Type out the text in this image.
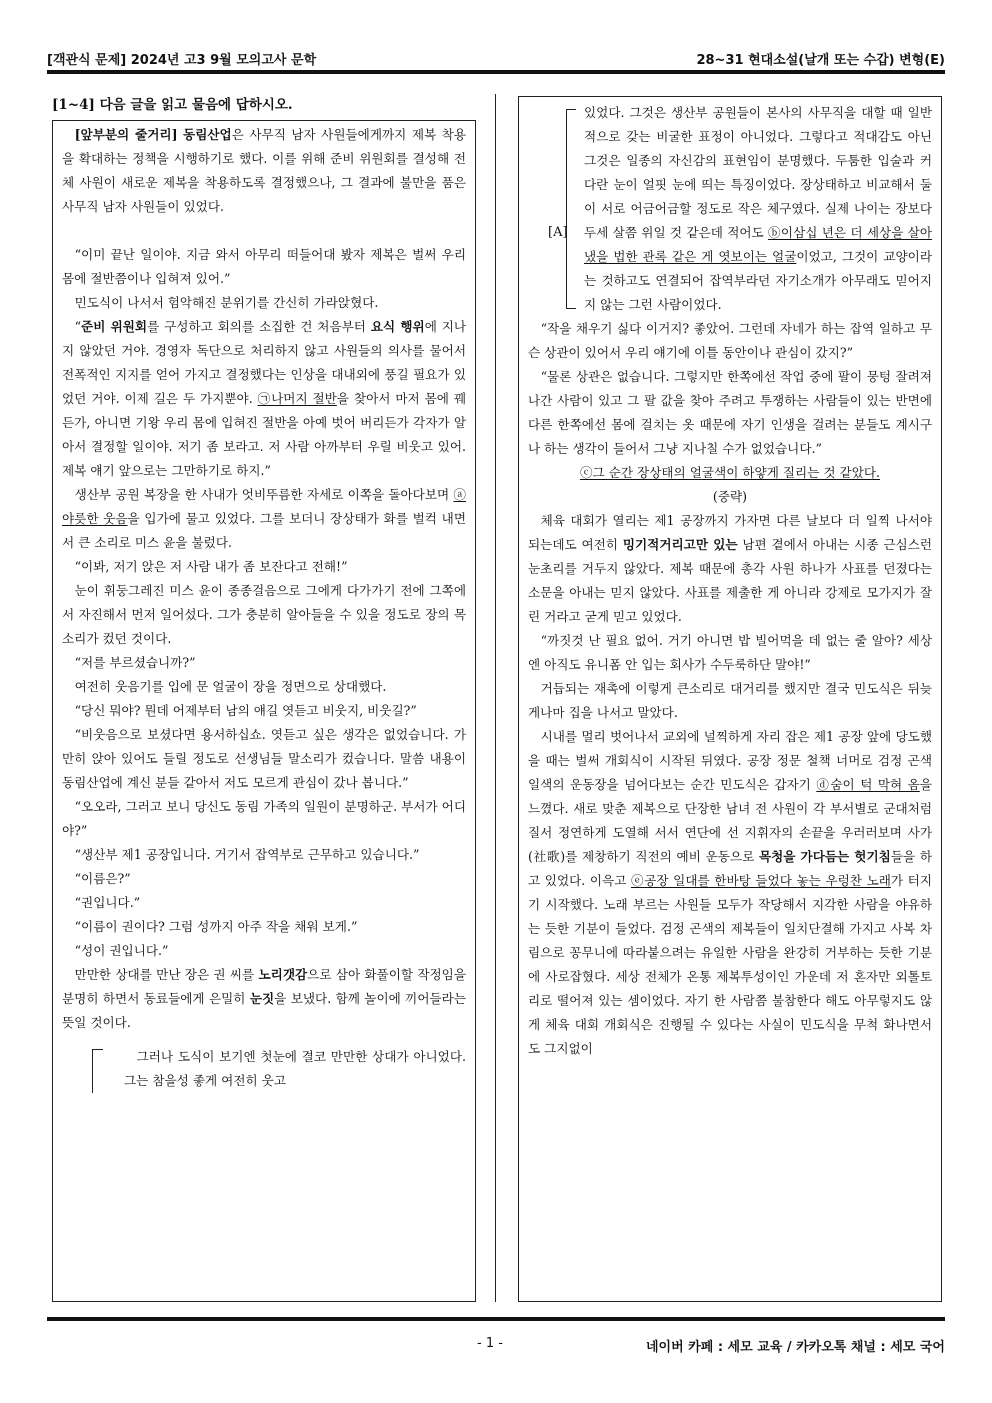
[객관식 문제] 2024년 고3 9월 모의고사 문학	28~31 현대소설(날개 또는 수갑) 변형(E)
[1~4] 다음 글을 읽고 물음에 답하시오.

[앞부분의 줄거리] 동림산업은 사무직 남자 사원들에게까지 제복 착용을 확대하는 정책을 시행하기로 했다. 이를 위해 준비 위원회를 결성해 전체 사원이 새로운 제복을 착용하도록 결정했으나, 그 결과에 불만을 품은 사무직 남자 사원들이 있었다.

“이미 끝난 일이야. 지금 와서 아무리 떠들어대 봤자 제복은 벌써 우리 몸에 절반쯤이나 입혀져 있어.”

민도식이 나서서 험악해진 분위기를 간신히 가라앉혔다.

“준비 위원회를 구성하고 회의를 소집한 건 처음부터 요식 행위에 지나지 않았던 거야. 경영자 독단으로 처리하지 않고 사원들의 의사를 물어서 전폭적인 지지를 얻어 가지고 결정했다는 인상을 대내외에 풍길 필요가 있었던 거야. 이제 길은 두 가지뿐야. ㉠나머지 절반을 찾아서 마저 몸에 꿰든가, 아니면 기왕 우리 몸에 입혀진 절반을 아예 벗어 버리든가 각자가 알아서 결정할 일이야. 저기 좀 보라고. 저 사람 아까부터 우릴 비웃고 있어. 제복 얘기 앞으로는 그만하기로 하지.”

생산부 공원 복장을 한 사내가 엇비뚜름한 자세로 이쪽을 돌아다보며 ⓐ야릇한 웃음을 입가에 물고 있었다. 그를 보더니 장상태가 화를 벌컥 내면서 큰 소리로 미스 윤을 불렀다.

“이봐, 저기 앉은 저 사람 내가 좀 보잔다고 전해!”

눈이 휘둥그레진 미스 윤이 종종걸음으로 그에게 다가가기 전에 그쪽에서 자진해서 먼저 일어섰다. 그가 충분히 알아들을 수 있을 정도로 장의 목소리가 컸던 것이다.

“저를 부르셨습니까?”

여전히 웃음기를 입에 문 얼굴이 장을 정면으로 상대했다.

“당신 뭐야? 뭔데 어제부터 남의 얘길 엿듣고 비웃지, 비웃길?”

“비웃음으로 보셨다면 용서하십쇼. 엿듣고 싶은 생각은 없었습니다. 가만히 앉아 있어도 들릴 정도로 선생님들 말소리가 컸습니다. 말씀 내용이 동림산업에 계신 분들 같아서 저도 모르게 관심이 갔나 봅니다.”

“오오라, 그러고 보니 당신도 동림 가족의 일원이 분명하군. 부서가 어디야?”

“생산부 제1 공장입니다. 거기서 잡역부로 근무하고 있습니다.”

“이름은?”

“권입니다.”

“이름이 권이다? 그럼 성까지 아주 작을 채워 보게.”

“성이 권입니다.”

만만한 상대를 만난 장은 권 씨를 노리갯감으로 삼아 화풀이할 작정임을 분명히 하면서 동료들에게 은밀히 눈짓을 보냈다. 함께 놀이에 끼어들라는 뜻일 것이다.

그러나 도식이 보기엔 첫눈에 결코 만만한 상대가 아니었다. 그는 참을성 좋게 여전히 웃고

[A]

있었다. 그것은 생산부 공원들이 본사의 사무직을 대할 때 일반적으로 갖는 비굴한 표정이 아니었다. 그렇다고 적대감도 아닌 그것은 일종의 자신감의 표현임이 분명했다. 두툼한 입술과 커다란 눈이 얼핏 눈에 띄는 특징이었다. 장상태하고 비교해서 둘이 서로 어금어금할 정도로 작은 체구였다. 실제 나이는 장보다 두세 살쯤 위일 것 같은데 적어도 ⓑ이삼십 년은 더 세상을 살아 냈을 법한 관록 같은 게 엿보이는 얼굴이었고, 그것이 교양이라는 것하고도 연결되어 잡역부라던 자기소개가 아무래도 믿어지지 않는 그런 사람이었다.

“작을 채우기 싫다 이거지? 좋았어. 그런데 자네가 하는 잡역 일하고 무슨 상관이 있어서 우리 얘기에 이틀 동안이나 관심이 갔지?”

“물론 상관은 없습니다. 그렇지만 한쪽에선 작업 중에 팔이 뭉텅 잘려져 나간 사람이 있고 그 팔 값을 찾아 주려고 투쟁하는 사람들이 있는 반면에 다른 한쪽에선 몸에 걸치는 옷 때문에 자기 인생을 걸려는 분들도 계시구나 하는 생각이 들어서 그냥 지나칠 수가 없었습니다.”

ⓒ그 순간 장상태의 얼굴색이 하얗게 질리는 것 같았다.

(중략)

체육 대회가 열리는 제1 공장까지 가자면 다른 날보다 더 일찍 나서야 되는데도 여전히 밍기적거리고만 있는 남편 곁에서 아내는 시종 근심스런 눈초리를 거두지 않았다. 제복 때문에 총각 사원 하나가 사표를 던졌다는 소문을 아내는 믿지 않았다. 사표를 제출한 게 아니라 강제로 모가지가 잘린 거라고 굳게 믿고 있었다.

“까짓것 난 필요 없어. 거기 아니면 밥 빌어먹을 데 없는 줄 알아? 세상엔 아직도 유니폼 안 입는 회사가 수두룩하단 말야!”

거듭되는 재촉에 이렇게 큰소리로 대거리를 했지만 결국 민도식은 뒤늦게나마 집을 나서고 말았다.

시내를 멀리 벗어나서 교외에 널찍하게 자리 잡은 제1 공장 앞에 당도했을 때는 벌써 개회식이 시작된 뒤였다. 공장 정문 철책 너머로 검정 곤색 일색의 운동장을 넘어다보는 순간 민도식은 갑자기 ⓓ숨이 턱 막혀 옴을 느꼈다. 새로 맞춘 제복으로 단장한 남녀 전 사원이 각 부서별로 군대처럼 질서 정연하게 도열해 서서 연단에 선 지휘자의 손끝을 우러러보며 사가(社歌)를 제창하기 직전의 예비 운동으로 목청을 가다듬는 헛기침들을 하고 있었다. 이윽고 ⓔ공장 일대를 한바탕 들었다 놓는 우렁찬 노래가 터지기 시작했다. 노래 부르는 사원들 모두가 작당해서 지각한 사람을 야유하는 듯한 기분이 들었다. 검정 곤색의 제복들이 일치단결해 가지고 사복 차림으로 꽁무니에 따라붙으려는 유일한 사람을 완강히 거부하는 듯한 기분에 사로잡혔다. 세상 전체가 온통 제복투성이인 가운데 저 혼자만 외톨토리로 떨어져 있는 셈이었다. 자기 한 사람쯤 불참한다 해도 아무렇지도 않게 체육 대회 개회식은 진행될 수 있다는 사실이 민도식을 무척 화나면서도 그지없이

- 1 -	네이버 카페 : 세모 교육 / 카카오톡 채널 : 세모 국어
